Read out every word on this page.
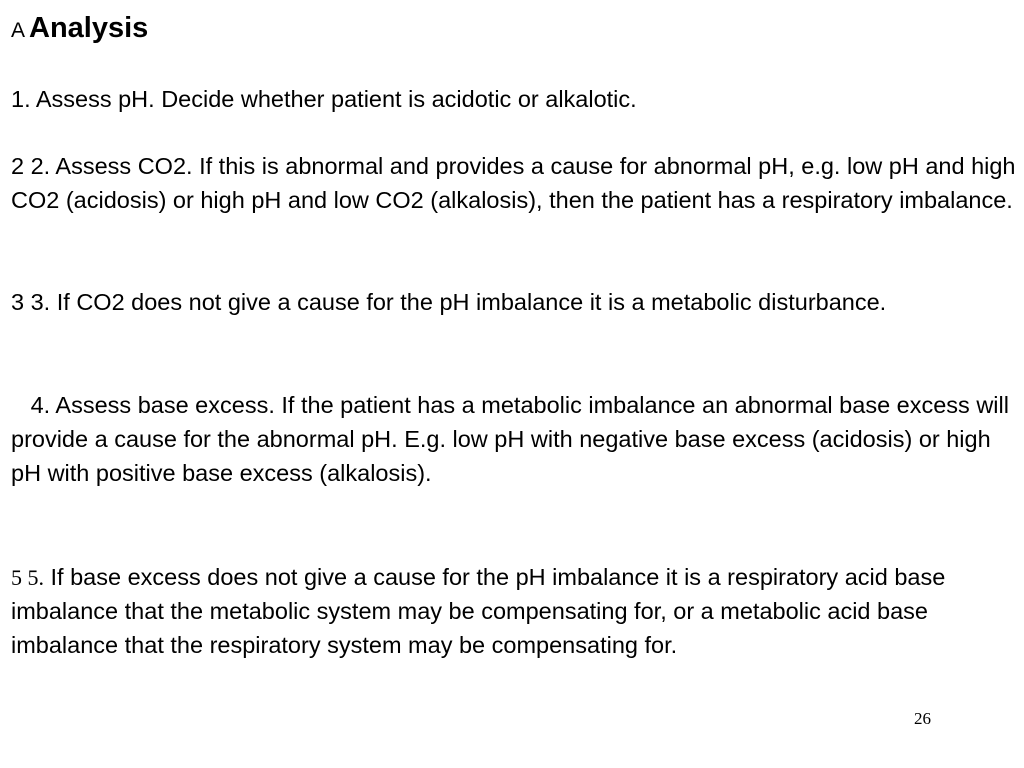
A Analysis

1. Assess pH. Decide whether patient is acidotic or alkalotic.

2 2. Assess CO2. If this is abnormal and provides a cause for abnormal pH, e.g. low pH and high CO2 (acidosis) or high pH and low CO2 (alkalosis), then the patient has a respiratory imbalance.

3 3. If CO2 does not give a cause for the pH imbalance it is a metabolic disturbance.

4. Assess base excess. If the patient has a metabolic imbalance an abnormal base excess will provide a cause for the abnormal pH. E.g. low pH with negative base excess (acidosis) or high pH with positive base excess (alkalosis).

5 5. If base excess does not give a cause for the pH imbalance it is a respiratory acid base imbalance that the metabolic system may be compensating for, or a metabolic acid base imbalance that the respiratory system may be compensating for.

26
